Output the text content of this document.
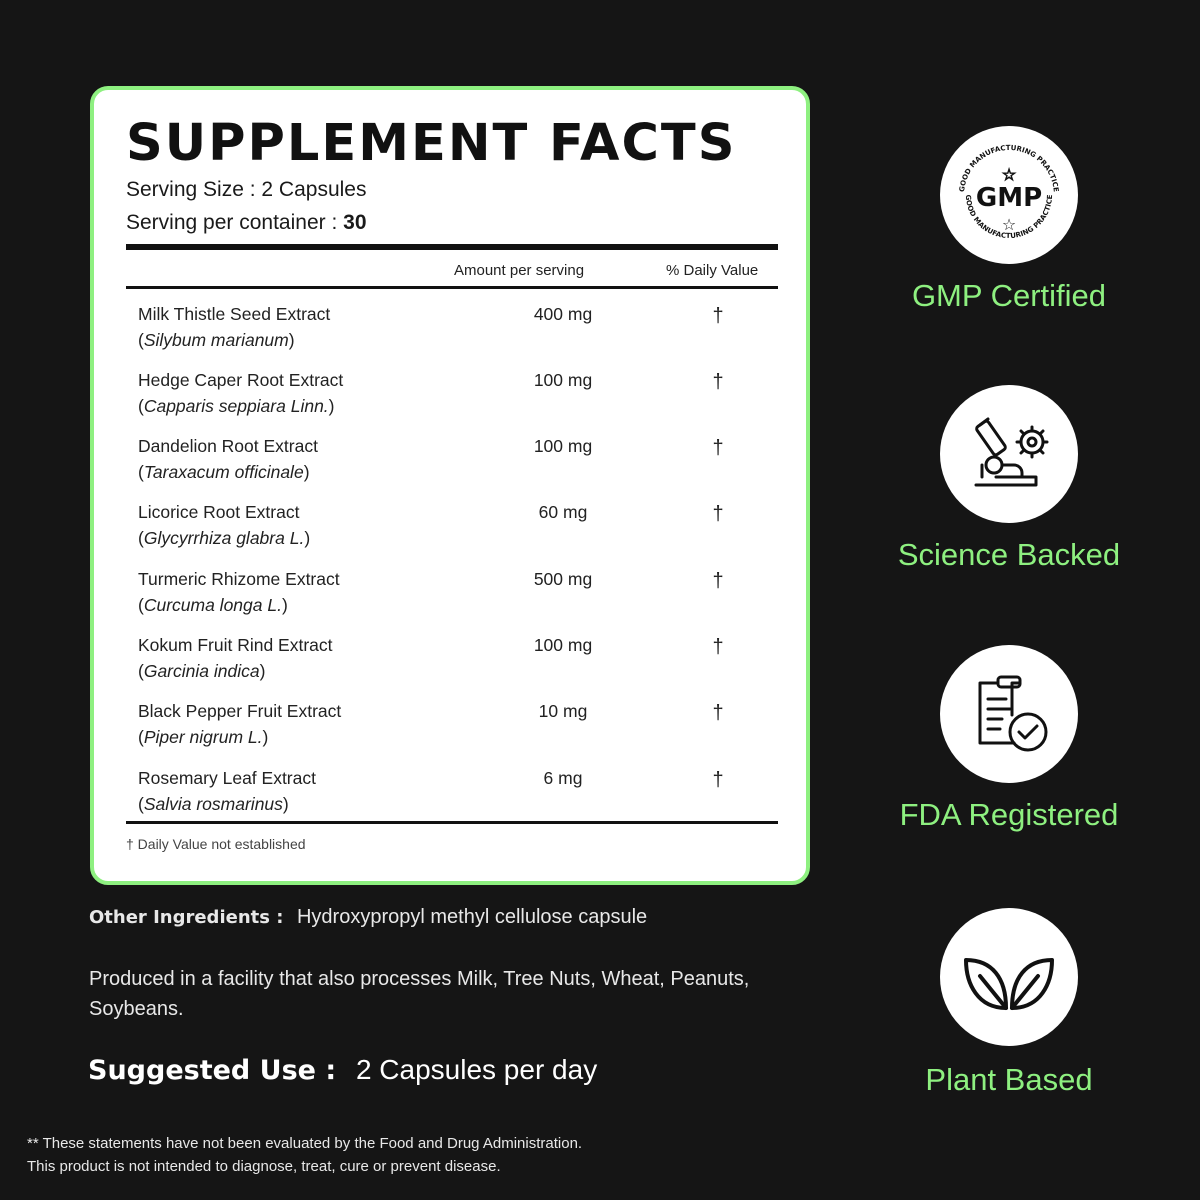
SUPPLEMENT FACTS
Serving Size : 2 Capsules
Serving per container : 30
Amount per serving	% Daily Value
Milk Thistle Seed Extract
(Silybum marianum)
400 mg	†
Hedge Caper Root Extract
(Capparis seppiara Linn.)
100 mg	†
Dandelion Root Extract
(Taraxacum officinale)
100 mg	†
Licorice Root Extract
(Glycyrrhiza glabra L.)
60 mg	†
Turmeric Rhizome Extract
(Curcuma longa L.)
500 mg	†
Kokum Fruit Rind Extract
(Garcinia indica)
100 mg	†
Black Pepper Fruit Extract
(Piper nigrum L.)
10 mg	†
Rosemary Leaf Extract
(Salvia rosmarinus)
6 mg	†
† Daily Value not established
Other Ingredients : Hydroxypropyl methyl cellulose capsule
Produced in a facility that also processes Milk, Tree Nuts, Wheat, Peanuts, Soybeans.
Suggested Use : 2 Capsules per day
** These statements have not been evaluated by the Food and Drug Administration.
This product is not intended to diagnose, treat, cure or prevent disease.
GOOD MANUFACTURING PRACTICE
GOOD MANUFACTURING PRACTICE
☆
GMP
☆
GMP Certified
Science Backed
FDA Registered
Plant Based
